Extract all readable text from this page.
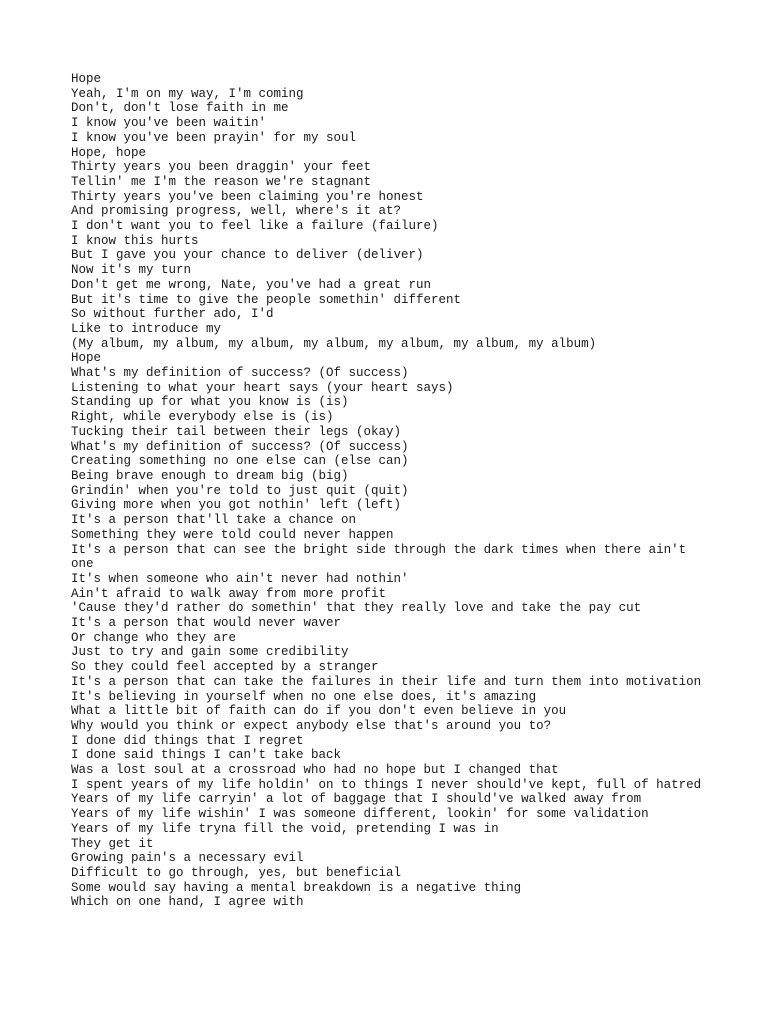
Hope
Yeah, I'm on my way, I'm coming
Don't, don't lose faith in me
I know you've been waitin'
I know you've been prayin' for my soul
Hope, hope
Thirty years you been draggin' your feet
Tellin' me I'm the reason we're stagnant
Thirty years you've been claiming you're honest
And promising progress, well, where's it at?
I don't want you to feel like a failure (failure)
I know this hurts
But I gave you your chance to deliver (deliver)
Now it's my turn
Don't get me wrong, Nate, you've had a great run
But it's time to give the people somethin' different
So without further ado, I'd
Like to introduce my
(My album, my album, my album, my album, my album, my album, my album)
Hope
What's my definition of success? (Of success)
Listening to what your heart says (your heart says)
Standing up for what you know is (is)
Right, while everybody else is (is)
Tucking their tail between their legs (okay)
What's my definition of success? (Of success)
Creating something no one else can (else can)
Being brave enough to dream big (big)
Grindin' when you're told to just quit (quit)
Giving more when you got nothin' left (left)
It's a person that'll take a chance on
Something they were told could never happen
It's a person that can see the bright side through the dark times when there ain't one
It's when someone who ain't never had nothin'
Ain't afraid to walk away from more profit
'Cause they'd rather do somethin' that they really love and take the pay cut
It's a person that would never waver
Or change who they are
Just to try and gain some credibility
So they could feel accepted by a stranger
It's a person that can take the failures in their life and turn them into motivation
It's believing in yourself when no one else does, it's amazing
What a little bit of faith can do if you don't even believe in you
Why would you think or expect anybody else that's around you to?
I done did things that I regret
I done said things I can't take back
Was a lost soul at a crossroad who had no hope but I changed that
I spent years of my life holdin' on to things I never should've kept, full of hatred
Years of my life carryin' a lot of baggage that I should've walked away from
Years of my life wishin' I was someone different, lookin' for some validation
Years of my life tryna fill the void, pretending I was in
They get it
Growing pain's a necessary evil
Difficult to go through, yes, but beneficial
Some would say having a mental breakdown is a negative thing
Which on one hand, I agree with
